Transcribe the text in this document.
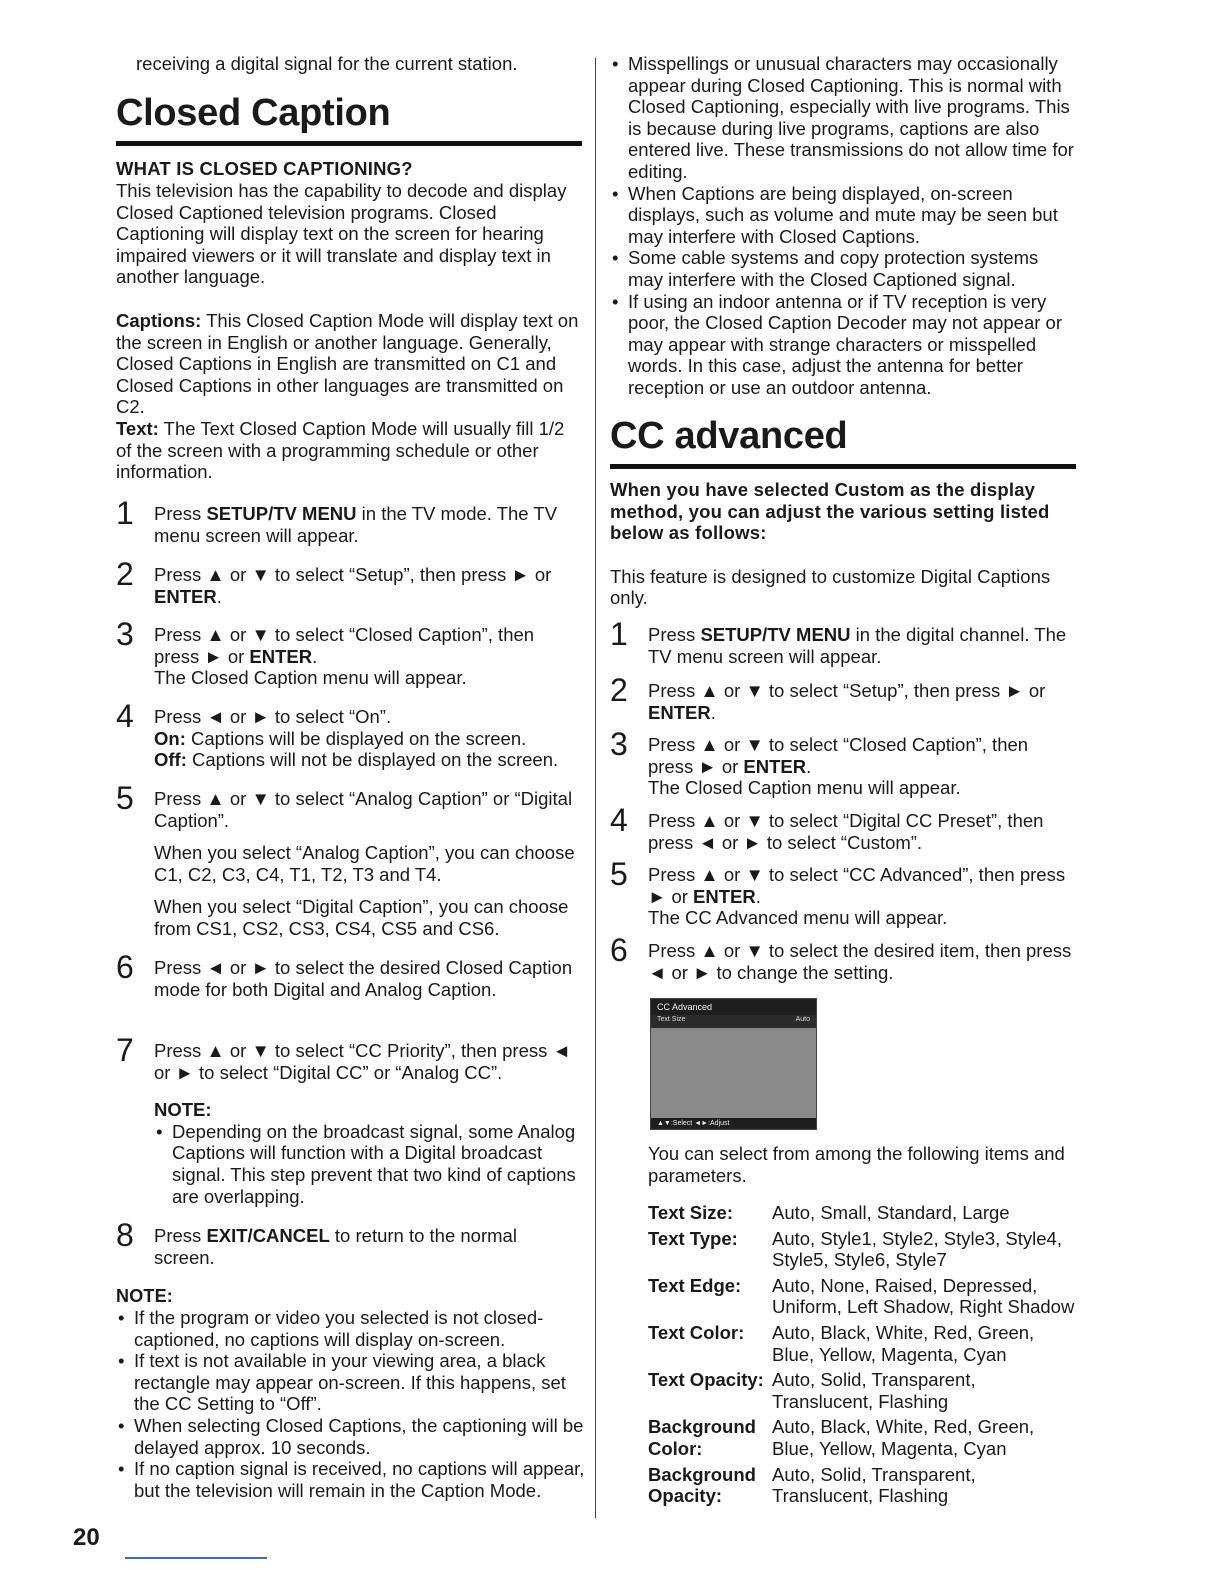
receiving a digital signal for the current station.
Closed Caption
WHAT IS CLOSED CAPTIONING?

This television has the capability to decode and display Closed Captioned television programs. Closed Captioning will display text on the screen for hearing impaired viewers or it will translate and display text in another language.

Captions: This Closed Caption Mode will display text on the screen in English or another language. Generally, Closed Captions in English are transmitted on C1 and Closed Captions in other languages are transmitted on C2.

Text: The Text Closed Caption Mode will usually fill 1/2 of the screen with a programming schedule or other information.

1 Press SETUP/TV MENU in the TV mode. The TV menu screen will appear.
2 Press ▲ or ▼ to select “Setup”, then press ► or ENTER.
3 Press ▲ or ▼ to select “Closed Caption”, then press ► or ENTER.
The Closed Caption menu will appear.
4 Press ◄ or ► to select “On”.
On: Captions will be displayed on the screen.
Off: Captions will not be displayed on the screen.
5 Press ▲ or ▼ to select “Analog Caption” or “Digital Caption”.

When you select “Analog Caption”, you can choose C1, C2, C3, C4, T1, T2, T3 and T4.

When you select “Digital Caption”, you can choose from CS1, CS2, CS3, CS4, CS5 and CS6.

6 Press ◄ or ► to select the desired Closed Caption mode for both Digital and Analog Caption.
7 Press ▲ or ▼ to select “CC Priority”, then press ◄ or ► to select “Digital CC” or “Analog CC”.
NOTE:
• Depending on the broadcast signal, some Analog Captions will function with a Digital broadcast signal. This step prevent that two kind of captions are overlapping.
8 Press EXIT/CANCEL to return to the normal screen.
NOTE:
• If the program or video you selected is not closed-captioned, no captions will display on-screen.
• If text is not available in your viewing area, a black rectangle may appear on-screen. If this happens, set the CC Setting to “Off”.
• When selecting Closed Captions, the captioning will be delayed approx. 10 seconds.
• If no caption signal is received, no captions will appear, but the television will remain in the Caption Mode.
• Misspellings or unusual characters may occasionally appear during Closed Captioning. This is normal with Closed Captioning, especially with live programs. This is because during live programs, captions are also entered live. These transmissions do not allow time for editing.
• When Captions are being displayed, on-screen displays, such as volume and mute may be seen but may interfere with Closed Captions.
• Some cable systems and copy protection systems may interfere with the Closed Captioned signal.
• If using an indoor antenna or if TV reception is very poor, the Closed Caption Decoder may not appear or may appear with strange characters or misspelled words. In this case, adjust the antenna for better reception or use an outdoor antenna.
CC advanced

When you have selected Custom as the display method, you can adjust the various setting listed below as follows:

This feature is designed to customize Digital Captions only.

1 Press SETUP/TV MENU in the digital channel. The TV menu screen will appear.
2 Press ▲ or ▼ to select “Setup”, then press ► or ENTER.
3 Press ▲ or ▼ to select “Closed Caption”, then press ► or ENTER.
The Closed Caption menu will appear.
4 Press ▲ or ▼ to select “Digital CC Preset”, then press ◄ or ► to select “Custom”.
5 Press ▲ or ▼ to select “CC Advanced”, then press ► or ENTER.
The CC Advanced menu will appear.
6 Press ▲ or ▼ to select the desired item, then press ◄ or ► to change the setting.
CC Advanced
Text Size	Auto
▲▼:Select ◄►:Adjust

You can select from among the following items and parameters.

Text Size:	Auto, Small, Standard, Large
Text Type:	Auto, Style1, Style2, Style3, Style4, Style5, Style6, Style7
Text Edge:	Auto, None, Raised, Depressed, Uniform, Left Shadow, Right Shadow
Text Color:	Auto, Black, White, Red, Green, Blue, Yellow, Magenta, Cyan
Text Opacity:	Auto, Solid, Transparent, Translucent, Flashing
Background Color:	Auto, Black, White, Red, Green, Blue, Yellow, Magenta, Cyan
Background Opacity:	Auto, Solid, Transparent, Translucent, Flashing
20
